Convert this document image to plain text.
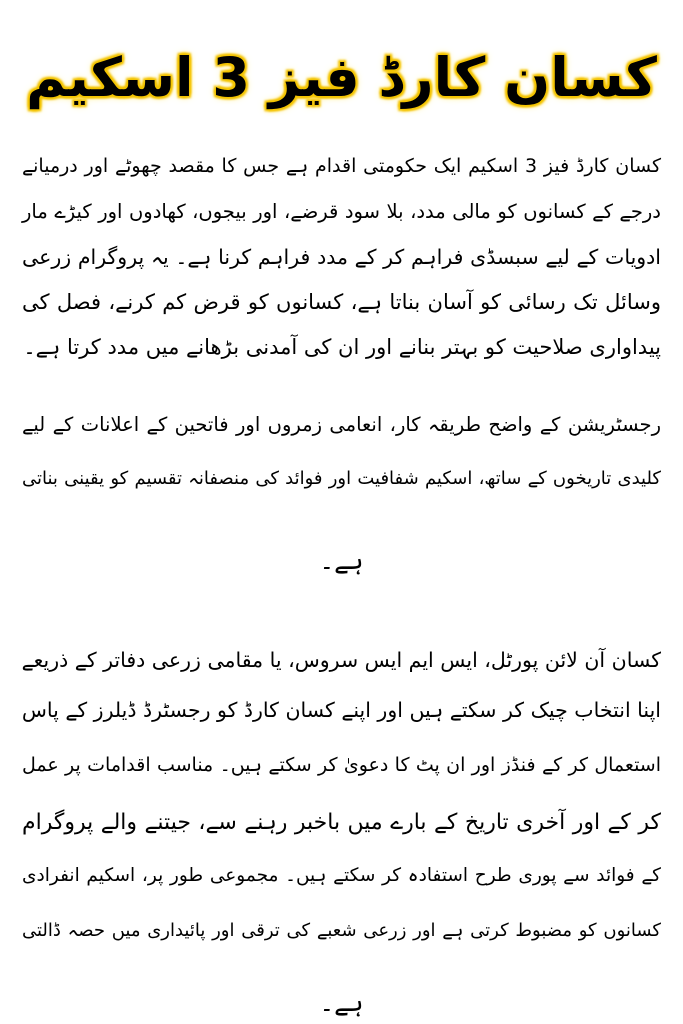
کسان کارڈ فیز 3 اسکیم
کسان کارڈ فیز 3 اسکیم ایک حکومتی اقدام ہے جس کا مقصد چھوٹے اور درمیانے
درجے کے کسانوں کو مالی مدد، بلا سود قرضے، اور بیجوں، کھادوں اور کیڑے مار
ادویات کے لیے سبسڈی فراہم کر کے مدد فراہم کرنا ہے۔ یہ پروگرام زرعی
وسائل تک رسائی کو آسان بناتا ہے، کسانوں کو قرض کم کرنے، فصل کی
پیداواری صلاحیت کو بہتر بنانے اور ان کی آمدنی بڑھانے میں مدد کرتا ہے۔
رجسٹریشن کے واضح طریقہ کار، انعامی زمروں اور فاتحین کے اعلانات کے لیے
کلیدی تاریخوں کے ساتھ، اسکیم شفافیت اور فوائد کی منصفانہ تقسیم کو یقینی بناتی
ہے۔
کسان آن لائن پورٹل، ایس ایم ایس سروس، یا مقامی زرعی دفاتر کے ذریعے
اپنا انتخاب چیک کر سکتے ہیں اور اپنے کسان کارڈ کو رجسٹرڈ ڈیلرز کے پاس
استعمال کر کے فنڈز اور ان پٹ کا دعویٰ کر سکتے ہیں۔ مناسب اقدامات پر عمل
کر کے اور آخری تاریخ کے بارے میں باخبر رہنے سے، جیتنے والے پروگرام
کے فوائد سے پوری طرح استفادہ کر سکتے ہیں۔ مجموعی طور پر، اسکیم انفرادی
کسانوں کو مضبوط کرتی ہے اور زرعی شعبے کی ترقی اور پائیداری میں حصہ ڈالتی
ہے۔
